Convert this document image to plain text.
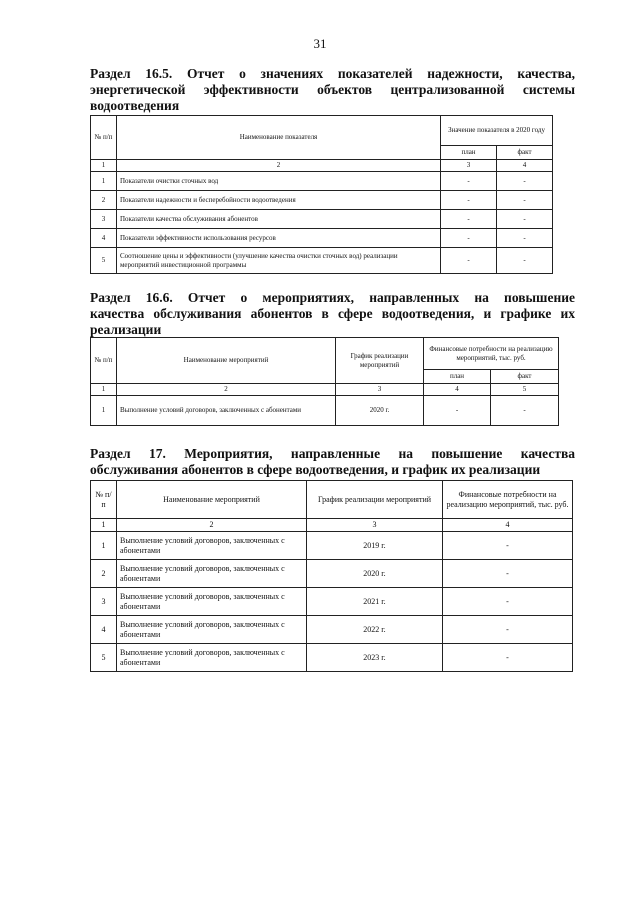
31
Раздел 16.5. Отчет о значениях показателей надежности, качества,
энергетической эффективности объектов централизованной системы
водоотведения
№ п/п	Наименование показателя	Значение показателя в 2020 году	
		план	факт
1	2	3	4
1	Показатели очистки сточных вод	-	-
2	Показатели надежности и бесперебойности водоотведения	-	-
3	Показатели качества обслуживания абонентов	-	-
4	Показатели эффективности использования ресурсов	-	-
5	Соотношение цены и эффективности (улучшение качества очистки сточных вод) реализации мероприятий инвестиционной программы	-	-
Раздел 16.6. Отчет о мероприятиях, направленных на повышение
качества обслуживания абонентов в сфере водоотведения, и графике их
реализации
№ п/п	Наименование мероприятий	График реализации мероприятий	Финансовые потребности на реализацию мероприятий, тыс. руб.	
			план	факт
1	2	3	4	5
1	Выполнение условий договоров, заключенных с абонентами	2020 г.	-	-
Раздел 17. Мероприятия, направленные на повышение качества
обслуживания абонентов в сфере водоотведения, и график их реализации
№ п/п	Наименование мероприятий	График реализации мероприятий	Финансовые потребности на реализацию мероприятий, тыс. руб.
1	2	3	4
1	Выполнение условий договоров, заключенных с абонентами	2019 г.	-
2	Выполнение условий договоров, заключенных с абонентами	2020 г.	-
3	Выполнение условий договоров, заключенных с абонентами	2021 г.	-
4	Выполнение условий договоров, заключенных с абонентами	2022 г.	-
5	Выполнение условий договоров, заключенных с абонентами	2023 г.	-
